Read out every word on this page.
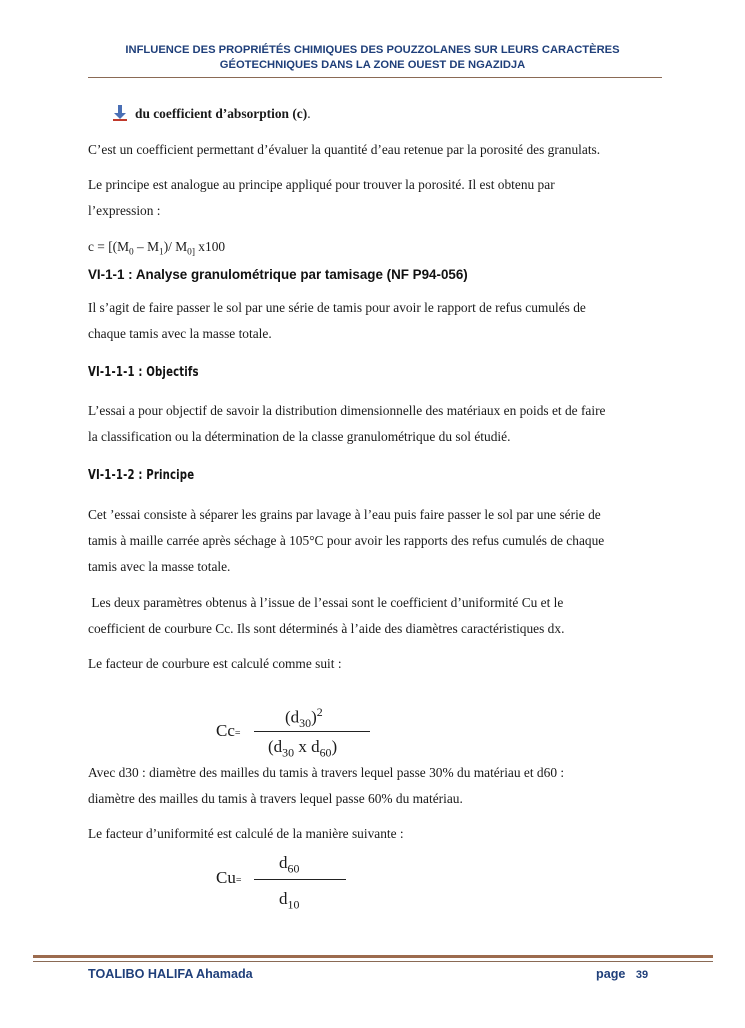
INFLUENCE DES PROPRIÉTÉS CHIMIQUES DES POUZZOLANES SUR LEURS CARACTÈRES
GÉOTECHNIQUES DANS LA ZONE OUEST DE NGAZIDJA
du coefficient d’absorption (c).
C’est un coefficient permettant d’évaluer la quantité d’eau retenue par la porosité des granulats.
Le principe est analogue au principe appliqué pour trouver la porosité. Il est obtenu par
l’expression :
$c = [(M_0 - M_1)/$ $M_{0]}$ x100
VI-1-1 : Analyse granulométrique par tamisage (NF P94-056)
Il s’agit de faire passer le sol par une série de tamis pour avoir le rapport de refus cumulés de
chaque tamis avec la masse totale.
VI-1-1-1 : Objectifs
L’essai a pour objectif de savoir la distribution dimensionnelle des matériaux en poids et de faire
la classification ou la détermination de la classe granulométrique du sol étudié.
VI-1-1-2 : Principe
Cet ’essai consiste à séparer les grains par lavage à l’eau puis faire passer le sol par une série de
tamis à maille carrée après séchage à 105°C pour avoir les rapports des refus cumulés de chaque
tamis avec la masse totale.
Les deux paramètres obtenus à l’issue de l’essai sont le coefficient d’uniformité Cu et le
coefficient de courbure Cc. Ils sont déterminés à l’aide des diamètres caractéristiques dx.
Le facteur de courbure est calculé comme suit :
$(d_{30})^2$
Cc=
($d_{30}$ x $d_{60}$)
Avec d30 : diamètre des mailles du tamis à travers lequel passe 30% du matériau et d60 :
diamètre des mailles du tamis à travers lequel passe 60% du matériau.
Le facteur d’uniformité est calculé de la manière suivante :
$d_{60}$
Cu=
$d_{10}$
TOALIBO HALIFA Ahamada	page 39
